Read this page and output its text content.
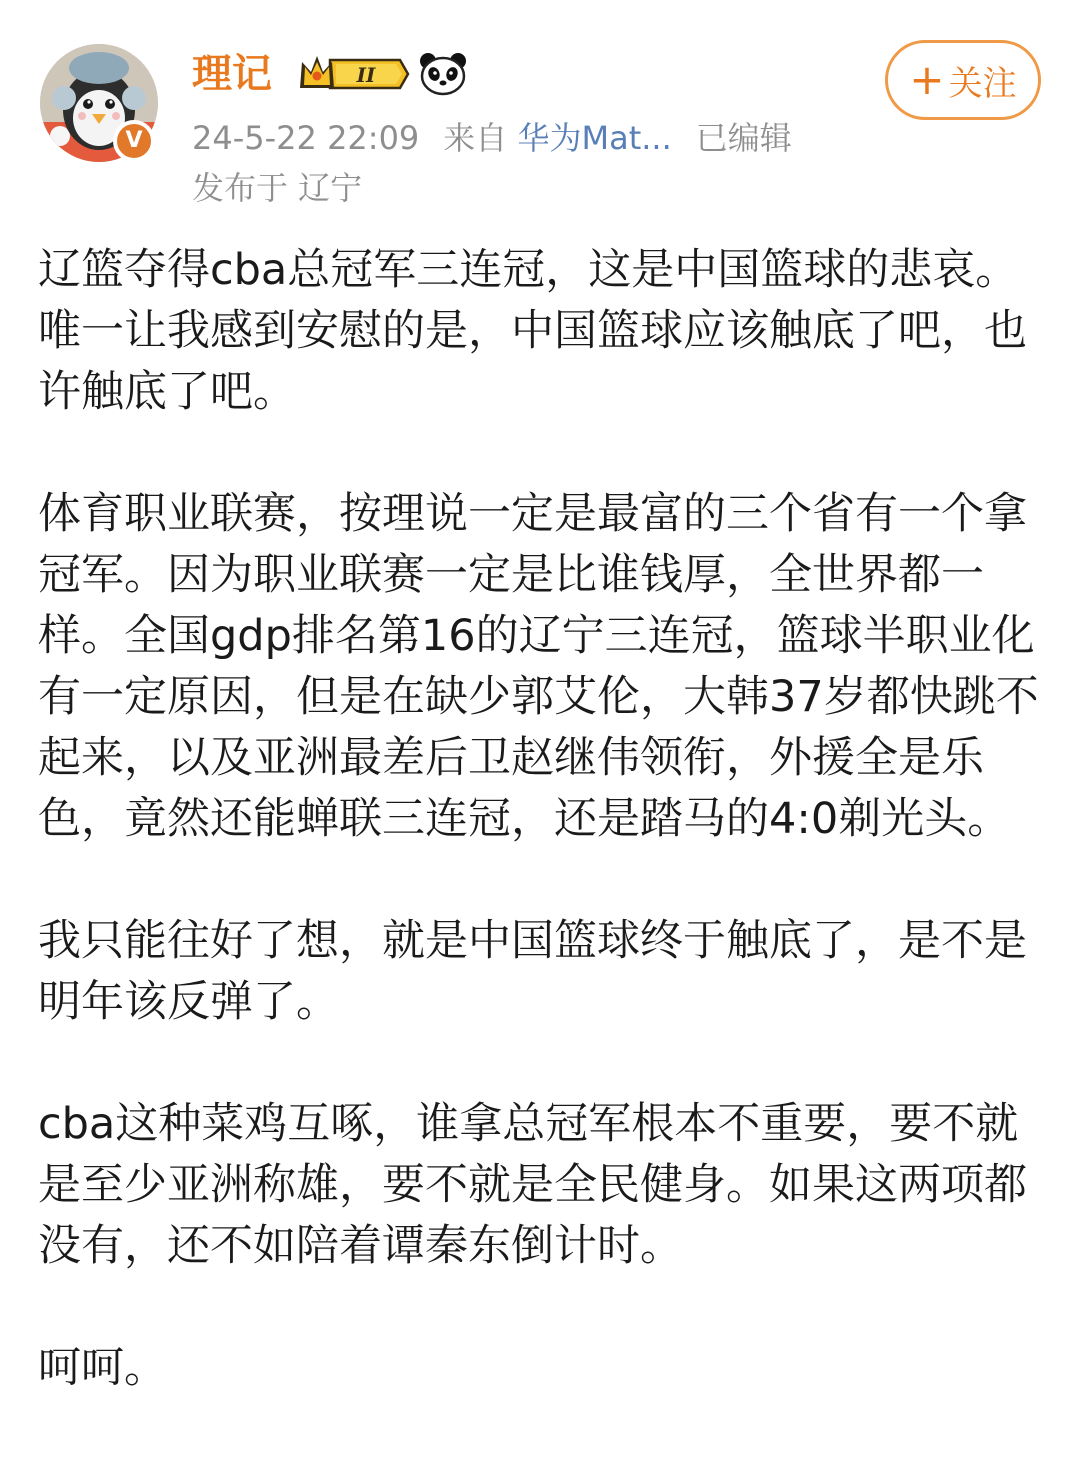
V
理记	II
24-5-22 22:09 来自 华为Mat... 已编辑
发布于 辽宁
+ 关注

辽篮夺得cba总冠军三连冠，这是中国篮球的悲哀。唯一让我感到安慰的是，中国篮球应该触底了吧，也许触底了吧。

体育职业联赛，按理说一定是最富的三个省有一个拿冠军。因为职业联赛一定是比谁钱厚，全世界都一样。全国gdp排名第16的辽宁三连冠，篮球半职业化有一定原因，但是在缺少郭艾伦，大韩37岁都快跳不起来，以及亚洲最差后卫赵继伟领衔，外援全是乐色，竟然还能蝉联三连冠，还是踏马的4:0剃光头。

我只能往好了想，就是中国篮球终于触底了，是不是明年该反弹了。

cba这种菜鸡互啄，谁拿总冠军根本不重要，要不就是至少亚洲称雄，要不就是全民健身。如果这两项都没有，还不如陪着谭秦东倒计时。

呵呵。
